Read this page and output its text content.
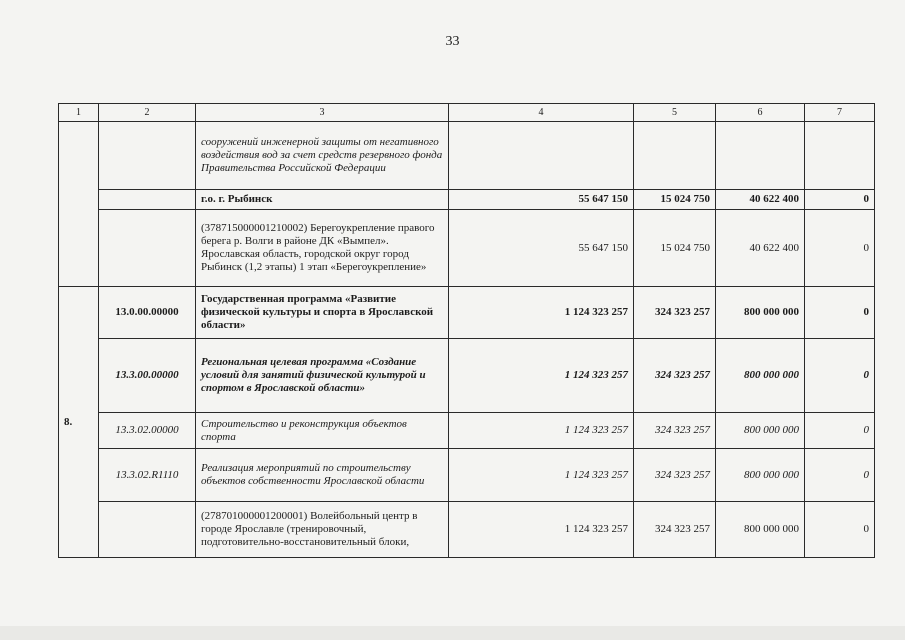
33
1	2	3	4	5	6	7
		сооружений инженерной защиты от негативного воздействия вод за счет средств резервного фонда Правительства Российской Федерации				
		г.о. г. Рыбинск	55 647 150	15 024 750	40 622 400	0
		(378715000001210002) Берегоукрепление правого берега р. Волги в районе ДК «Вымпел». Ярославская область, городской округ город Рыбинск (1,2 этапы) 1 этап «Берегоукрепление»	55 647 150	15 024 750	40 622 400	0
8.	13.0.00.00000	Государственная программа «Развитие физической культуры и спорта в Ярославской области»	1 124 323 257	324 323 257	800 000 000	0
	13.3.00.00000	Региональная целевая программа «Создание условий для занятий физической культурой и спортом в Ярославской области»	1 124 323 257	324 323 257	800 000 000	0
	13.3.02.00000	Строительство и реконструкция объектов спорта	1 124 323 257	324 323 257	800 000 000	0
	13.3.02.R1110	Реализация мероприятий по строительству объектов собственности Ярославской области	1 124 323 257	324 323 257	800 000 000	0
		(278701000001200001) Волейбольный центр в городе Ярославле (тренировочный, подготовительно-восстановительный блоки,	1 124 323 257	324 323 257	800 000 000	0
